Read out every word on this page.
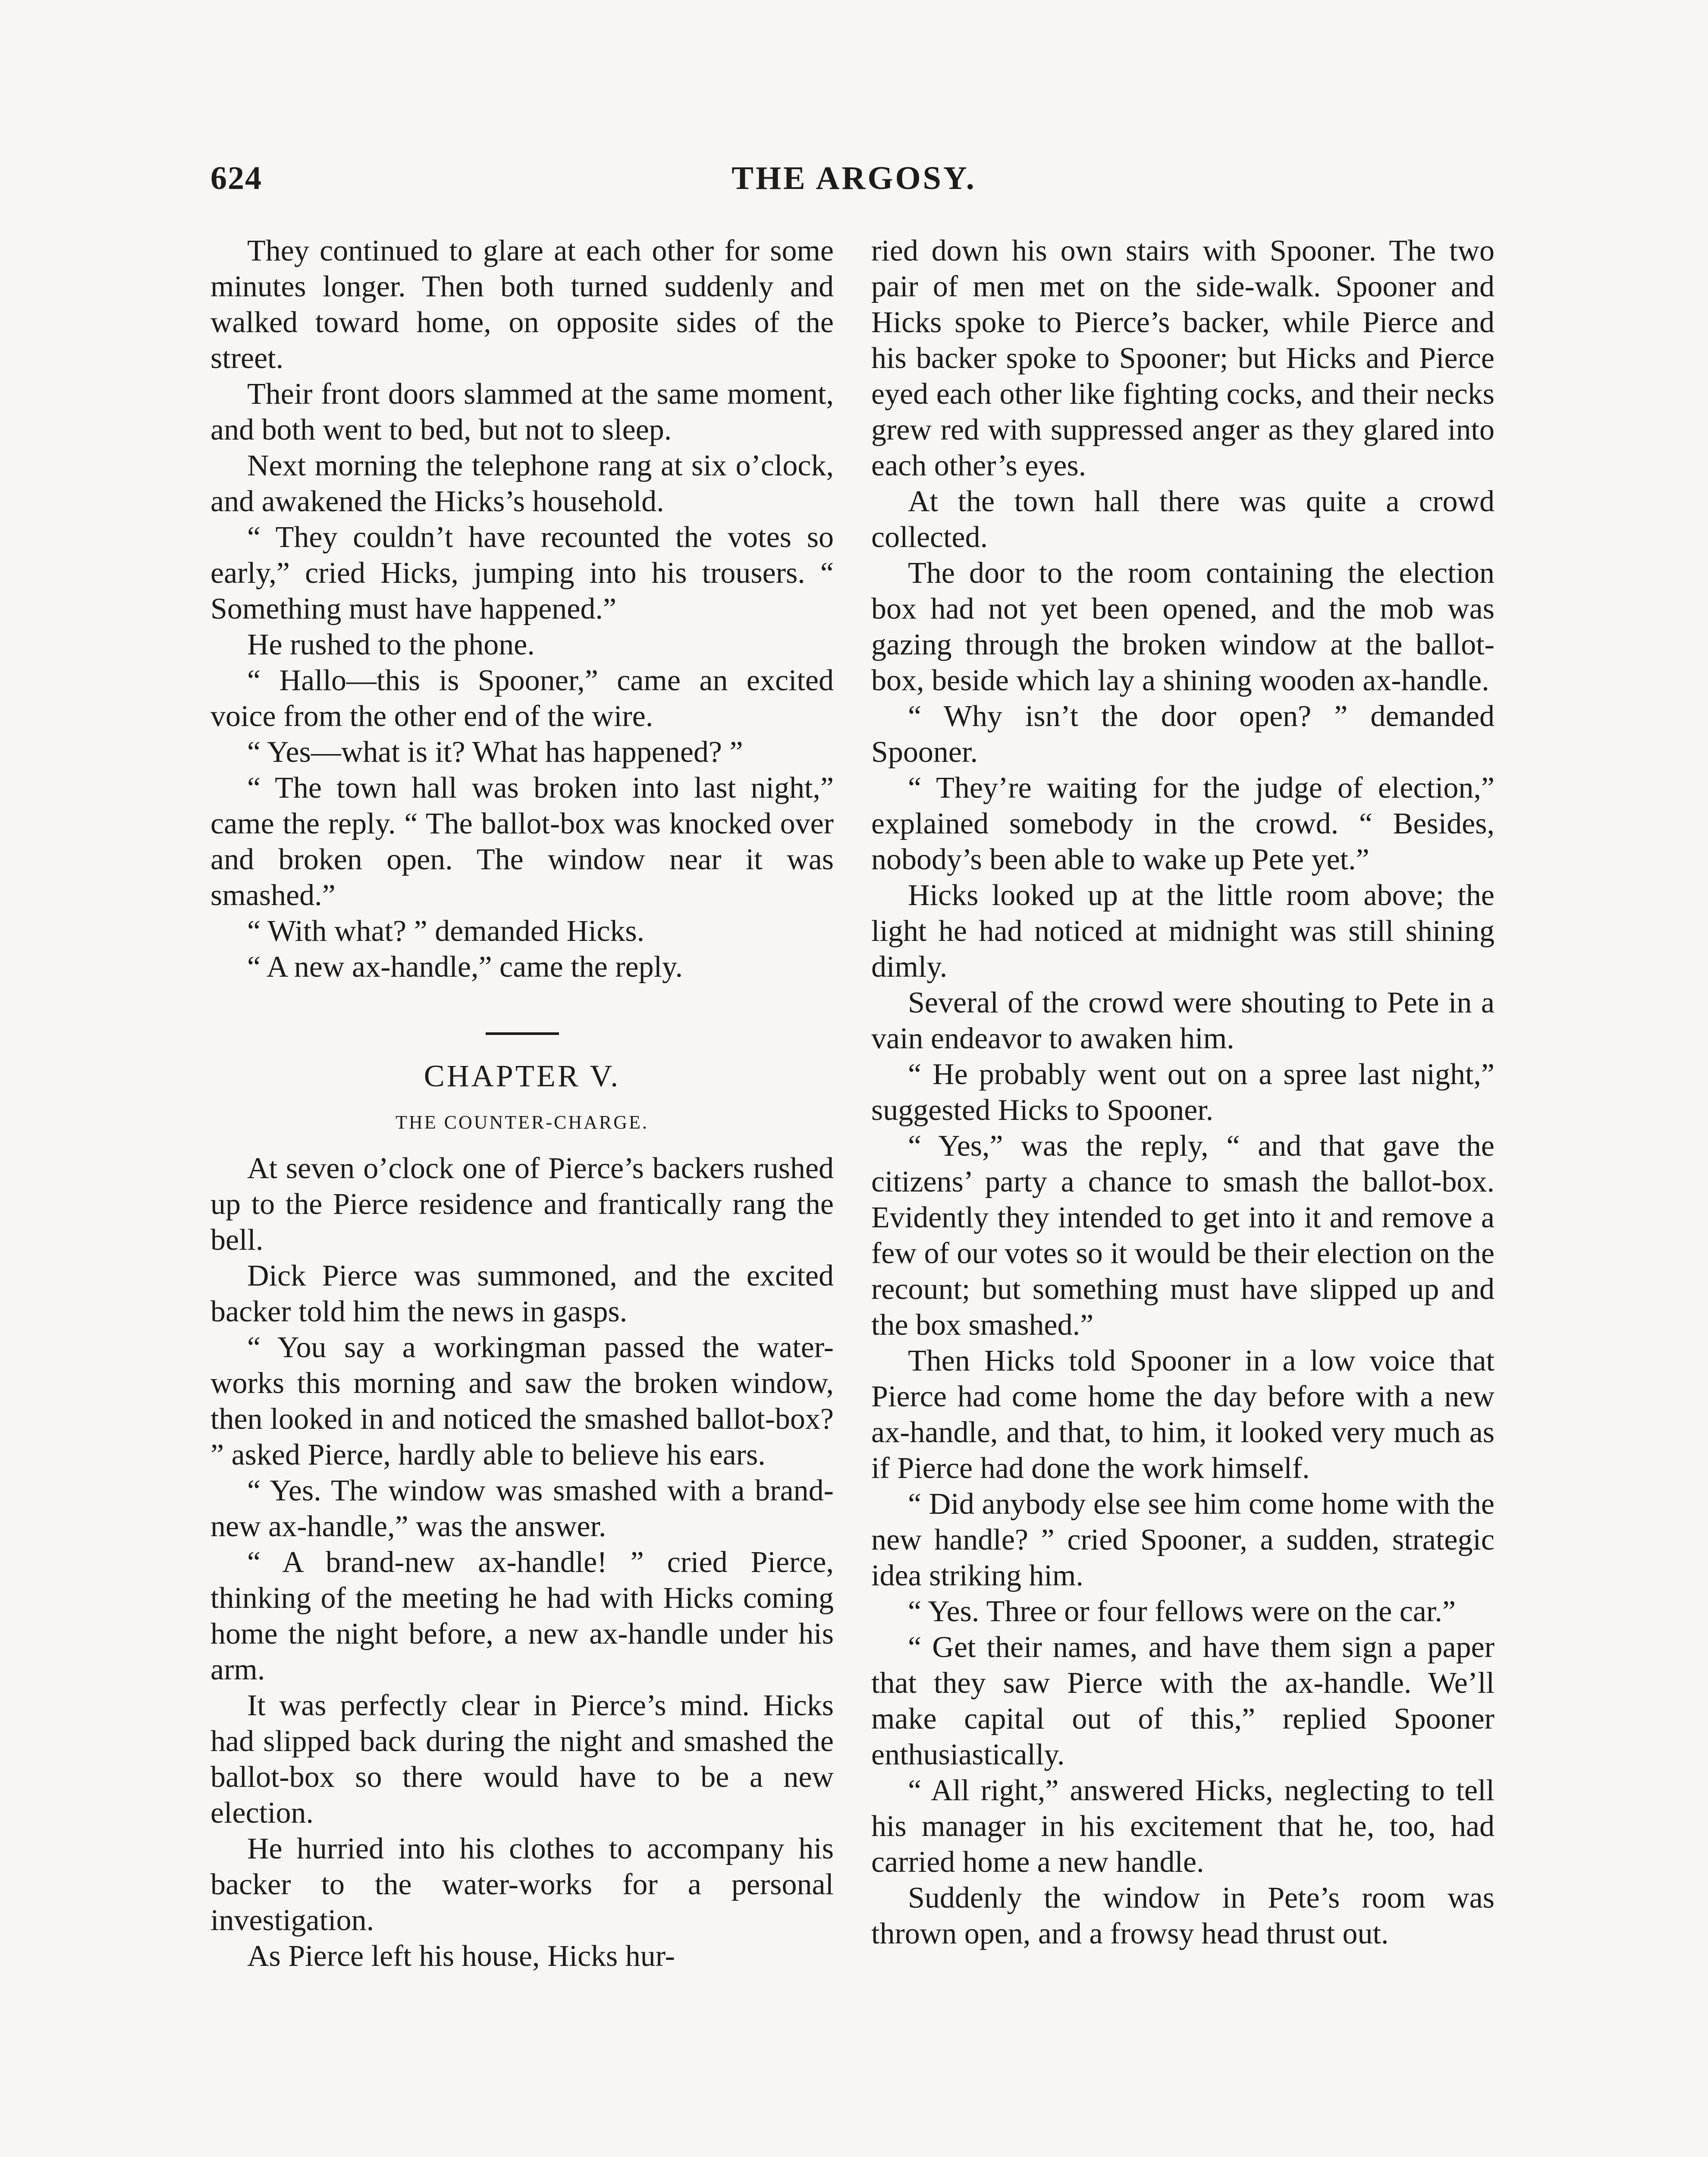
624	THE ARGOSY.

They continued to glare at each other for some minutes longer. Then both turned suddenly and walked toward home, on opposite sides of the street.

Their front doors slammed at the same moment, and both went to bed, but not to sleep.

Next morning the telephone rang at six o’clock, and awakened the Hicks’s household.

“ They couldn’t have recounted the votes so early,” cried Hicks, jumping into his trousers. “ Something must have happened.”

He rushed to the phone.

“ Hallo—this is Spooner,” came an excited voice from the other end of the wire.

“ Yes—what is it? What has happened? ”

“ The town hall was broken into last night,” came the reply. “ The ballot-box was knocked over and broken open. The window near it was smashed.”

“ With what? ” demanded Hicks.

“ A new ax-handle,” came the reply.

CHAPTER V.
THE COUNTER-CHARGE.

At seven o’clock one of Pierce’s backers rushed up to the Pierce residence and frantically rang the bell.

Dick Pierce was summoned, and the excited backer told him the news in gasps.

“ You say a workingman passed the water-works this morning and saw the broken window, then looked in and noticed the smashed ballot-box? ” asked Pierce, hardly able to believe his ears.

“ Yes. The window was smashed with a brand-new ax-handle,” was the answer.

“ A brand-new ax-handle! ” cried Pierce, thinking of the meeting he had with Hicks coming home the night before, a new ax-handle under his arm.

It was perfectly clear in Pierce’s mind. Hicks had slipped back during the night and smashed the ballot-box so there would have to be a new election.

He hurried into his clothes to accompany his backer to the water-works for a personal investigation.

As Pierce left his house, Hicks hur-

ried down his own stairs with Spooner. The two pair of men met on the side-walk. Spooner and Hicks spoke to Pierce’s backer, while Pierce and his backer spoke to Spooner; but Hicks and Pierce eyed each other like fighting cocks, and their necks grew red with suppressed anger as they glared into each other’s eyes.

At the town hall there was quite a crowd collected.

The door to the room containing the election box had not yet been opened, and the mob was gazing through the broken window at the ballot-box, beside which lay a shining wooden ax-handle.

“ Why isn’t the door open? ” demanded Spooner.

“ They’re waiting for the judge of election,” explained somebody in the crowd. “ Besides, nobody’s been able to wake up Pete yet.”

Hicks looked up at the little room above; the light he had noticed at midnight was still shining dimly.

Several of the crowd were shouting to Pete in a vain endeavor to awaken him.

“ He probably went out on a spree last night,” suggested Hicks to Spooner.

“ Yes,” was the reply, “ and that gave the citizens’ party a chance to smash the ballot-box. Evidently they intended to get into it and remove a few of our votes so it would be their election on the recount; but something must have slipped up and the box smashed.”

Then Hicks told Spooner in a low voice that Pierce had come home the day before with a new ax-handle, and that, to him, it looked very much as if Pierce had done the work himself.

“ Did anybody else see him come home with the new handle? ” cried Spooner, a sudden, strategic idea striking him.

“ Yes. Three or four fellows were on the car.”

“ Get their names, and have them sign a paper that they saw Pierce with the ax-handle. We’ll make capital out of this,” replied Spooner enthusiastically.

“ All right,” answered Hicks, neglecting to tell his manager in his excitement that he, too, had carried home a new handle.

Suddenly the window in Pete’s room was thrown open, and a frowsy head thrust out.
